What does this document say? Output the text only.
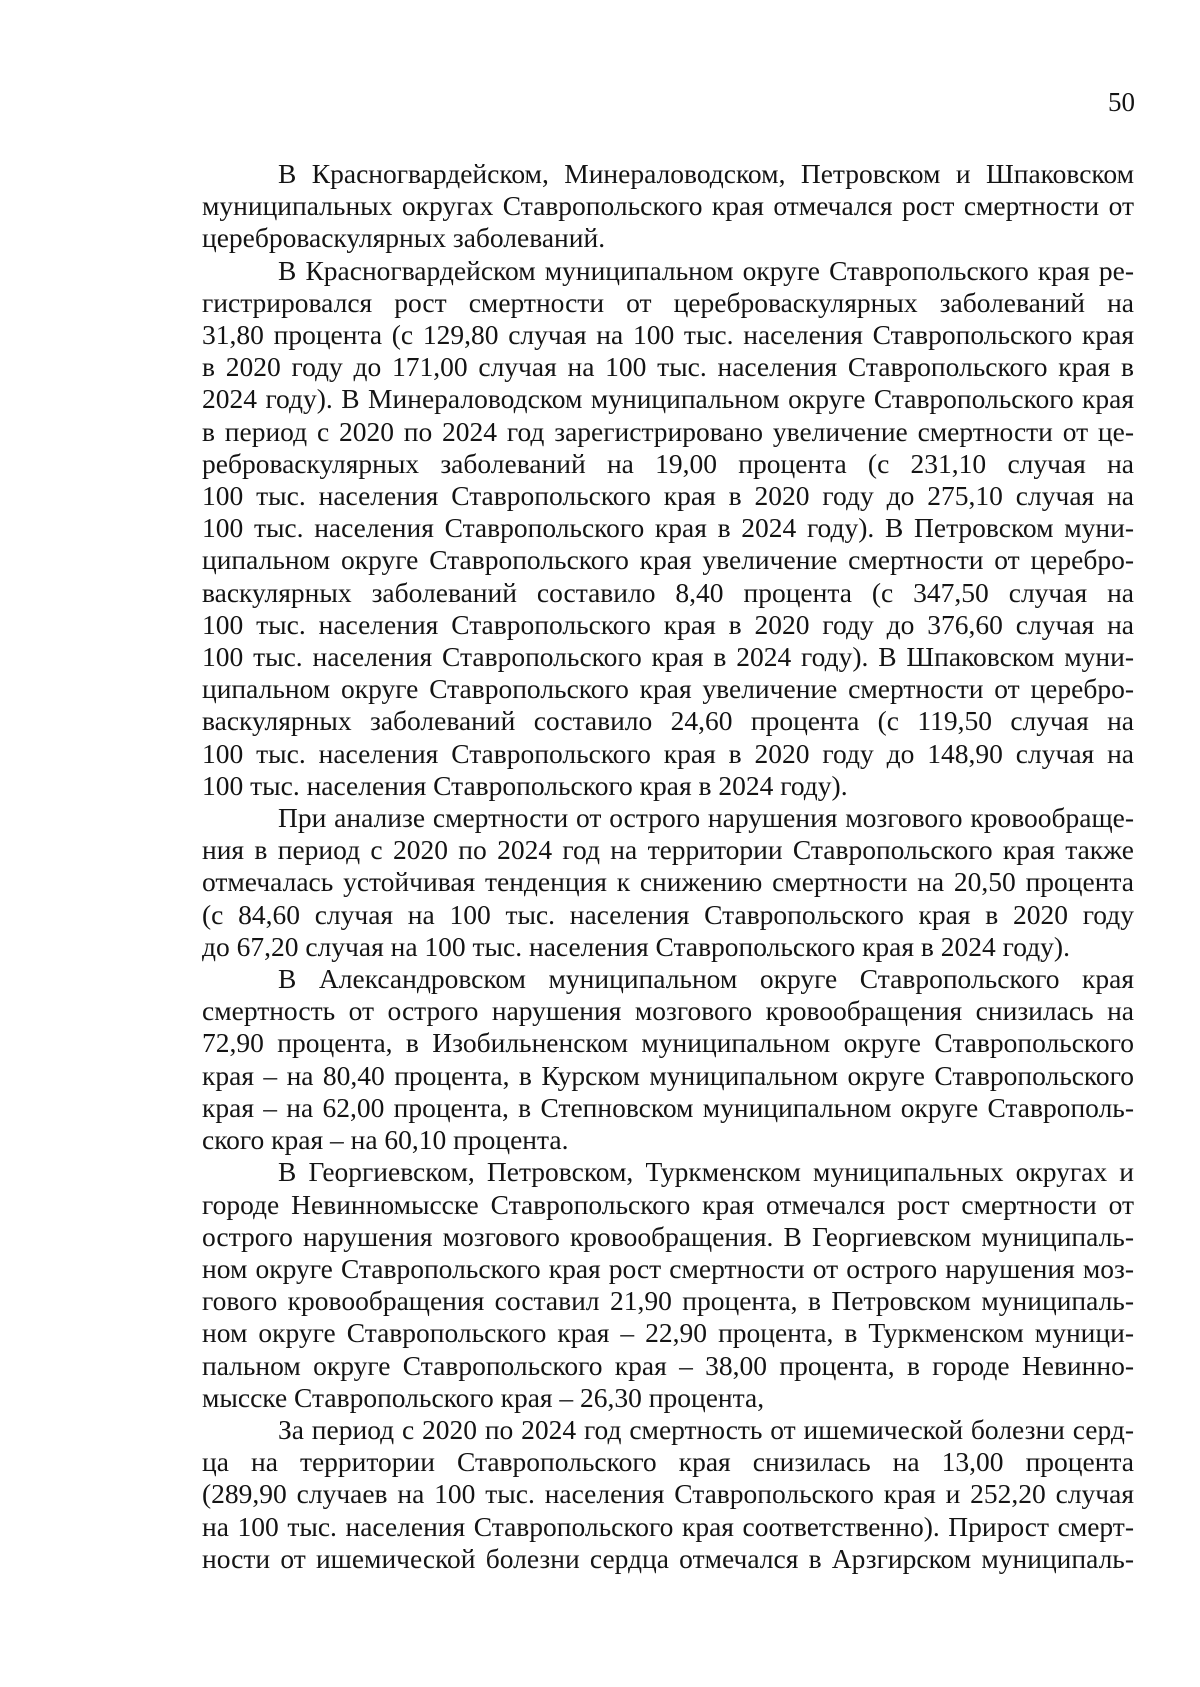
50

В Красногвардейском, Минераловодском, Петровском и Шпаковском
муниципальных округах Ставропольского края отмечался рост смертности от
цереброваскулярных заболеваний.

В Красногвардейском муниципальном округе Ставропольского края ре-
гистрировался рост смертности от цереброваскулярных заболеваний на
31,80 процента (с 129,80 случая на 100 тыс. населения Ставропольского края
в 2020 году до 171,00 случая на 100 тыс. населения Ставропольского края в
2024 году). В Минераловодском муниципальном округе Ставропольского края
в период с 2020 по 2024 год зарегистрировано увеличение смертности от це-
реброваскулярных заболеваний на 19,00 процента (с 231,10 случая на
100 тыс. населения Ставропольского края в 2020 году до 275,10 случая на
100 тыс. населения Ставропольского края в 2024 году). В Петровском муни-
ципальном округе Ставропольского края увеличение смертности от церебро-
васкулярных заболеваний составило 8,40 процента (с 347,50 случая на
100 тыс. населения Ставропольского края в 2020 году до 376,60 случая на
100 тыс. населения Ставропольского края в 2024 году). В Шпаковском муни-
ципальном округе Ставропольского края увеличение смертности от церебро-
васкулярных заболеваний составило 24,60 процента (с 119,50 случая на
100 тыс. населения Ставропольского края в 2020 году до 148,90 случая на
100 тыс. населения Ставропольского края в 2024 году).

При анализе смертности от острого нарушения мозгового кровообраще-
ния в период с 2020 по 2024 год на территории Ставропольского края также
отмечалась устойчивая тенденция к снижению смертности на 20,50 процента
(с 84,60 случая на 100 тыс. населения Ставропольского края в 2020 году
до 67,20 случая на 100 тыс. населения Ставропольского края в 2024 году).

В Александровском муниципальном округе Ставропольского края
смертность от острого нарушения мозгового кровообращения снизилась на
72,90 процента, в Изобильненском муниципальном округе Ставропольского
края – на 80,40 процента, в Курском муниципальном округе Ставропольского
края – на 62,00 процента, в Степновском муниципальном округе Ставрополь-
ского края – на 60,10 процента.

В Георгиевском, Петровском, Туркменском муниципальных округах и
городе Невинномысске Ставропольского края отмечался рост смертности от
острого нарушения мозгового кровообращения. В Георгиевском муниципаль-
ном округе Ставропольского края рост смертности от острого нарушения моз-
гового кровообращения составил 21,90 процента, в Петровском муниципаль-
ном округе Ставропольского края – 22,90 процента, в Туркменском муници-
пальном округе Ставропольского края – 38,00 процента, в городе Невинно-
мысске Ставропольского края – 26,30 процента,

За период с 2020 по 2024 год смертность от ишемической болезни серд-
ца на территории Ставропольского края снизилась на 13,00 процента
(289,90 случаев на 100 тыс. населения Ставропольского края и 252,20 случая
на 100 тыс. населения Ставропольского края соответственно). Прирост смерт-
ности от ишемической болезни сердца отмечался в Арзгирском муниципаль-
